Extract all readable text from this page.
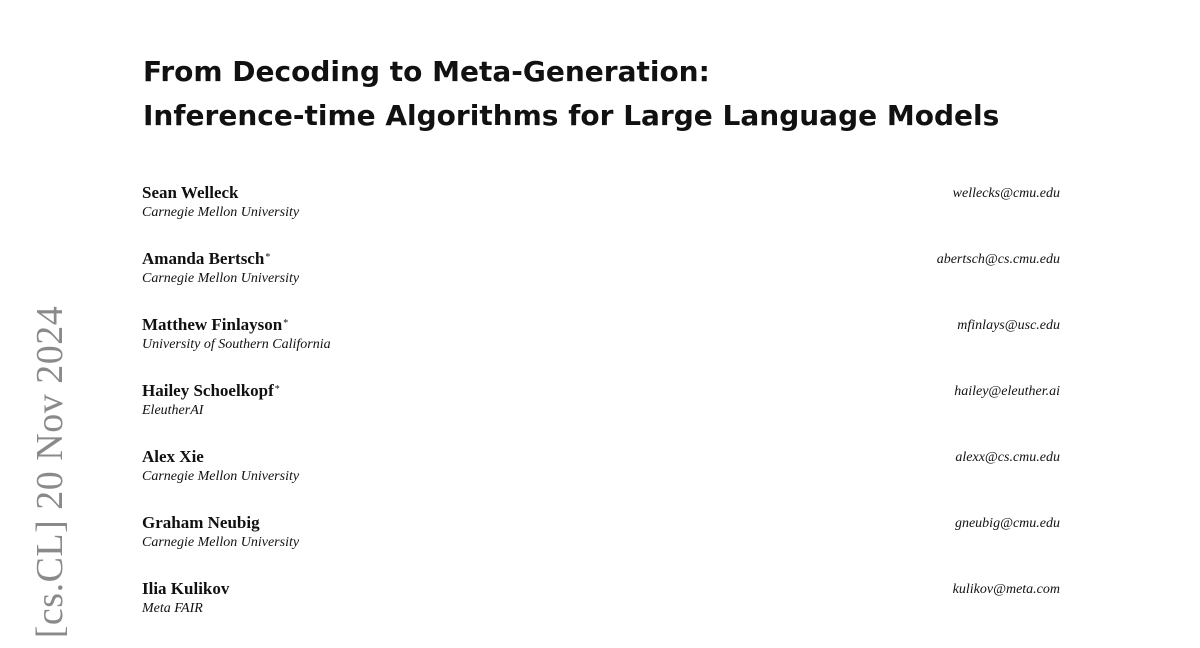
[cs.CL] 20 Nov 2024
From Decoding to Meta-Generation:
Inference-time Algorithms for Large Language Models
Sean Welleck
Carnegie Mellon University
wellecks@cmu.edu
Amanda Bertsch*
Carnegie Mellon University
abertsch@cs.cmu.edu
Matthew Finlayson*
University of Southern California
mfinlays@usc.edu
Hailey Schoelkopf*
EleutherAI
hailey@eleuther.ai
Alex Xie
Carnegie Mellon University
alexx@cs.cmu.edu
Graham Neubig
Carnegie Mellon University
gneubig@cmu.edu
Ilia Kulikov
Meta FAIR
kulikov@meta.com
